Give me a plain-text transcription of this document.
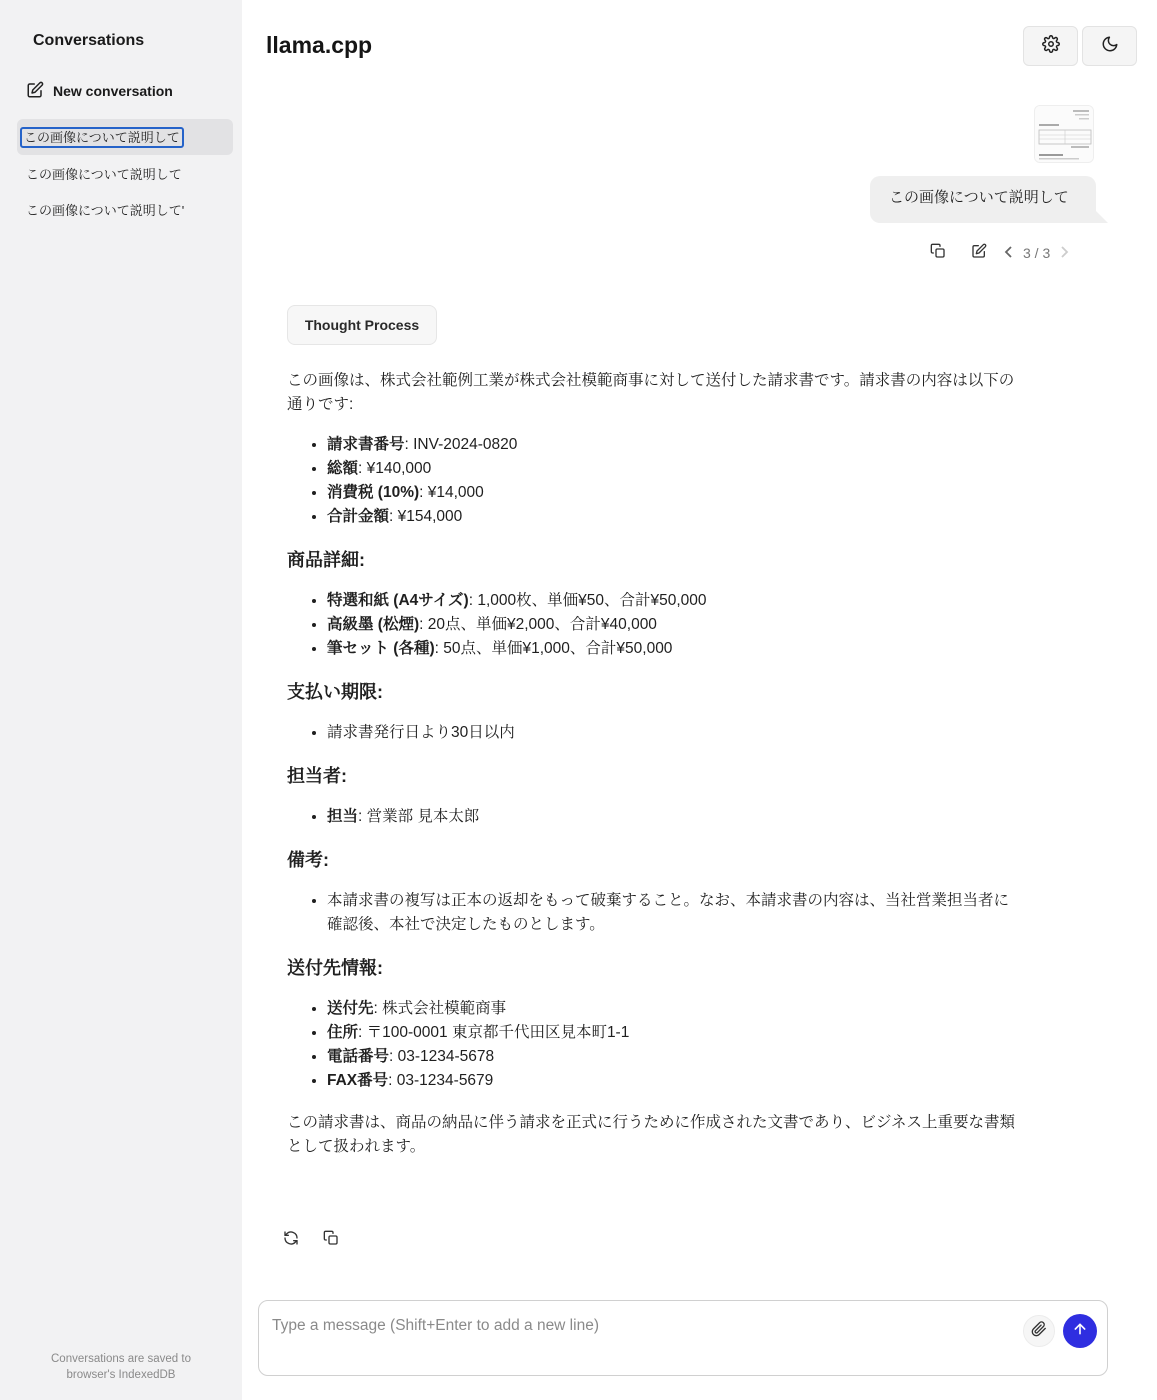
Conversations
New conversation
この画像について説明して
この画像について説明して
この画像について説明して'
Conversations are saved to
browser's IndexedDB
llama.cpp
この画像について説明して
3 / 3
Thought Process

この画像は、株式会社範例工業が株式会社模範商事に対して送付した請求書です。請求書の内容は以下の通りです:

• 請求書番号: INV-2024-0820
• 総額: ¥140,000
• 消費税 (10%): ¥14,000
• 合計金額: ¥154,000
商品詳細:
• 特選和紙 (A4サイズ): 1,000枚、単価¥50、合計¥50,000
• 高級墨 (松煙): 20点、単価¥2,000、合計¥40,000
• 筆セット (各種): 50点、単価¥1,000、合計¥50,000
支払い期限:
• 請求書発行日より30日以内
担当者:
• 担当: 営業部 見本太郎
備考:
• 本請求書の複写は正本の返却をもって破棄すること。なお、本請求書の内容は、当社営業担当者に確認後、本社で決定したものとします。
送付先情報:
• 送付先: 株式会社模範商事
• 住所: 〒100-0001 東京都千代田区見本町1-1
• 電話番号: 03-1234-5678
• FAX番号: 03-1234-5679

この請求書は、商品の納品に伴う請求を正式に行うために作成された文書であり、ビジネス上重要な書類として扱われます。

Type a message (Shift+Enter to add a new line)
